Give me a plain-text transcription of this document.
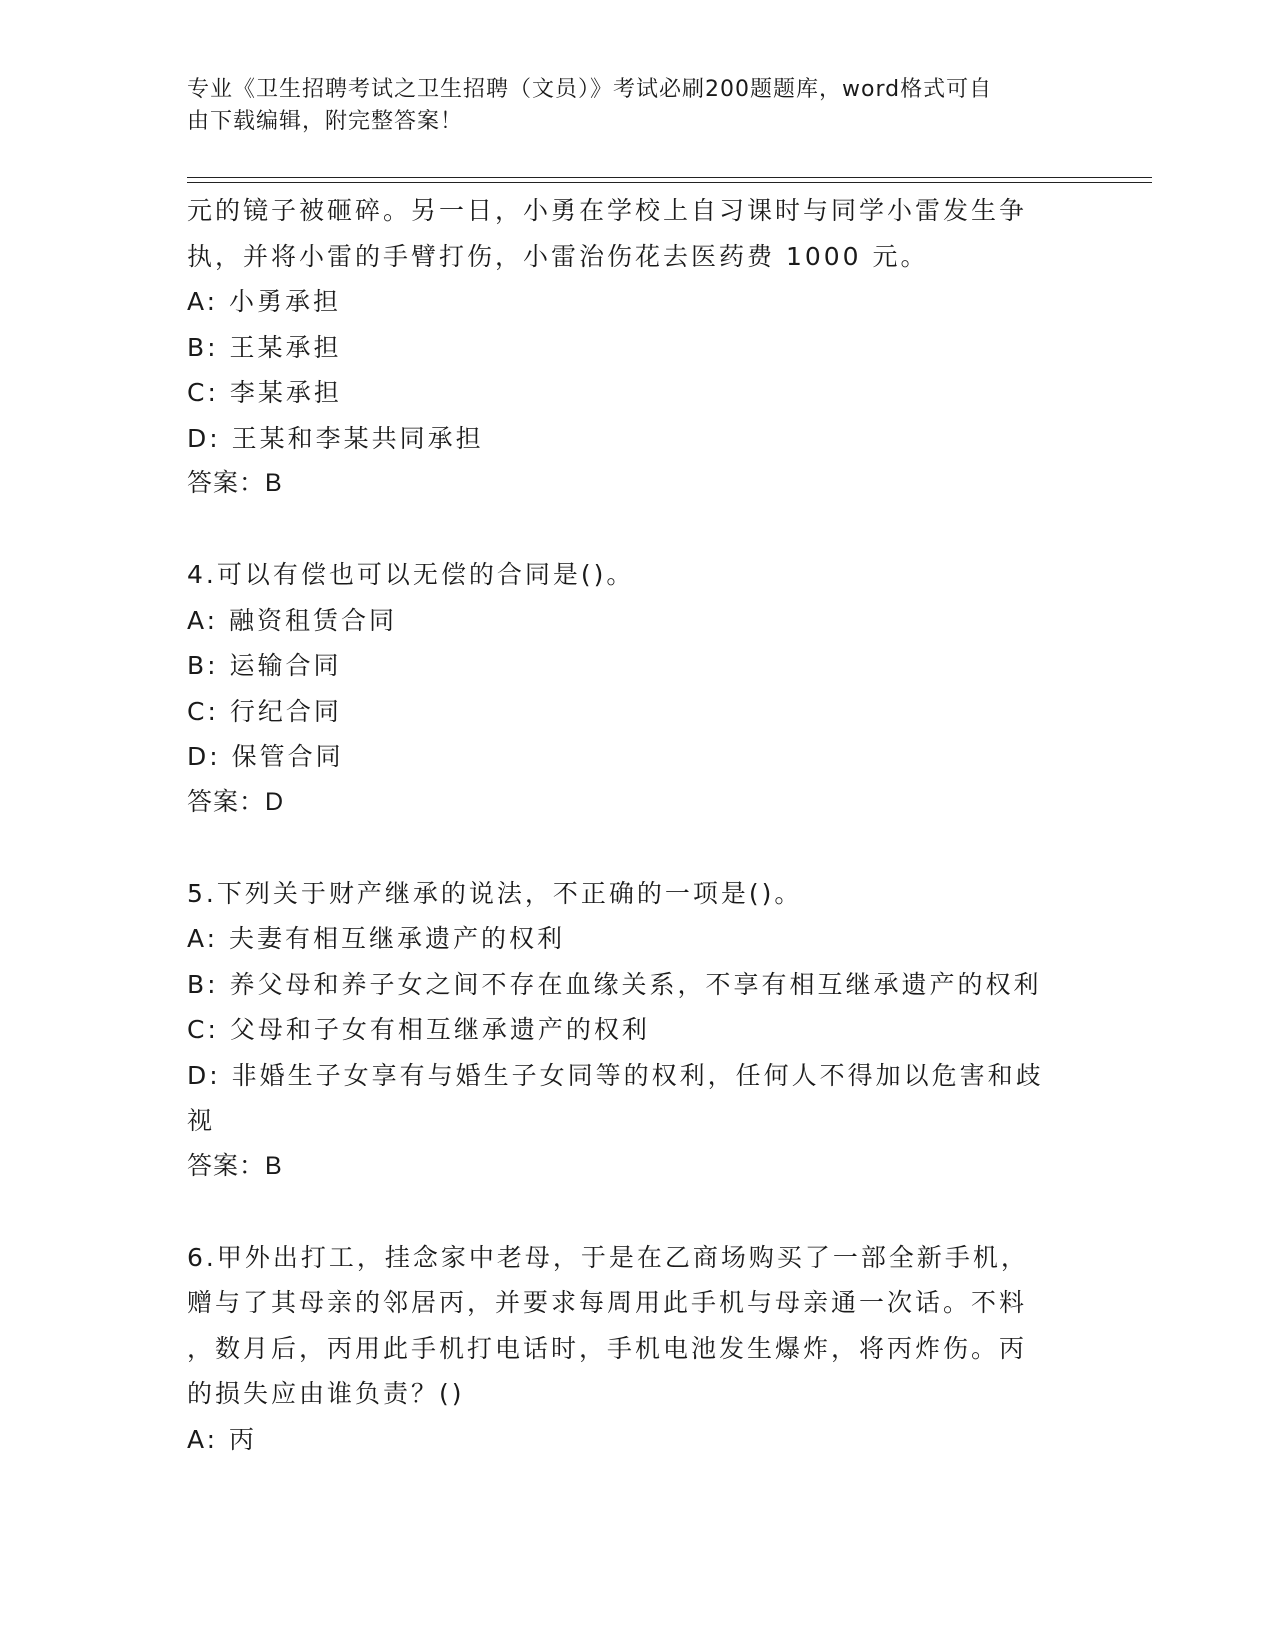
专业《卫生招聘考试之卫生招聘（文员）》考试必刷200题题库，word格式可自
由下载编辑，附完整答案！
元的镜子被砸碎。另一日，小勇在学校上自习课时与同学小雷发生争
执，并将小雷的手臂打伤，小雷治伤花去医药费 1000 元。
A: 小勇承担
B: 王某承担
C: 李某承担
D: 王某和李某共同承担
答案：B
4.可以有偿也可以无偿的合同是()。
A: 融资租赁合同
B: 运输合同
C: 行纪合同
D: 保管合同
答案：D
5.下列关于财产继承的说法，不正确的一项是()。
A: 夫妻有相互继承遗产的权利
B: 养父母和养子女之间不存在血缘关系，不享有相互继承遗产的权利
C: 父母和子女有相互继承遗产的权利
D: 非婚生子女享有与婚生子女同等的权利，任何人不得加以危害和歧
视
答案：B
6.甲外出打工，挂念家中老母，于是在乙商场购买了一部全新手机，
赠与了其母亲的邻居丙，并要求每周用此手机与母亲通一次话。不料
，数月后，丙用此手机打电话时，手机电池发生爆炸，将丙炸伤。丙
的损失应由谁负责？()
A: 丙
